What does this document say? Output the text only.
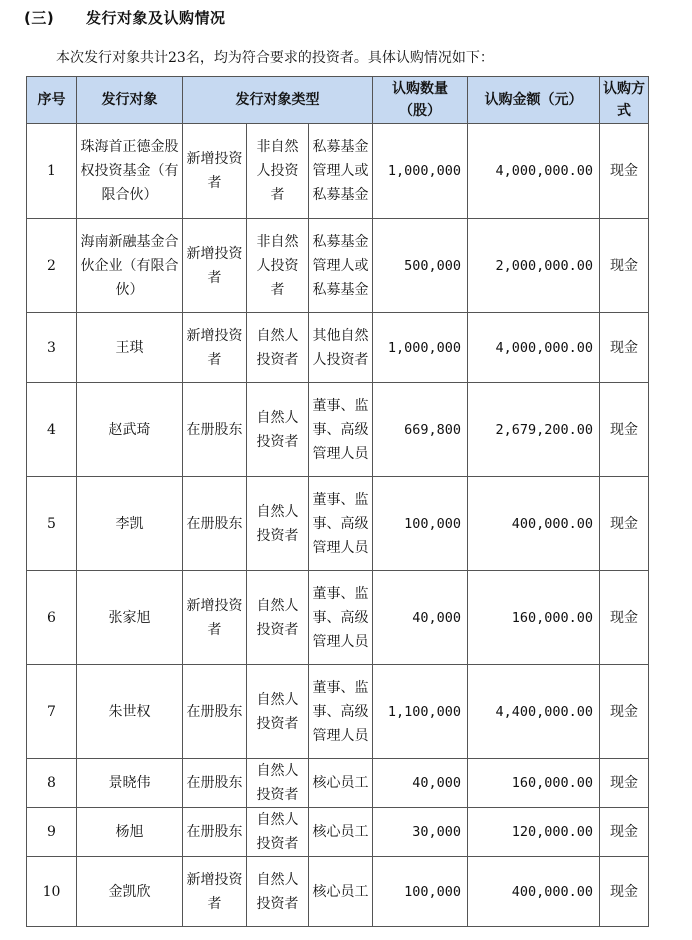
(三) 发行对象及认购情况
本次发行对象共计23名，均为符合要求的投资者。具体认购情况如下：
序号	发行对象	发行对象类型			认购数量（股）	认购金额（元）	认购方式
1	珠海首正德金股权投资基金（有限合伙）	新增投资者	非自然人投资者	私募基金管理人或私募基金	1,000,000	4,000,000.00	现金
2	海南新融基金合伙企业（有限合伙）	新增投资者	非自然人投资者	私募基金管理人或私募基金	500,000	2,000,000.00	现金
3	王琪	新增投资者	自然人投资者	其他自然人投资者	1,000,000	4,000,000.00	现金
4	赵武琦	在册股东	自然人投资者	董事、监事、高级管理人员	669,800	2,679,200.00	现金
5	李凯	在册股东	自然人投资者	董事、监事、高级管理人员	100,000	400,000.00	现金
6	张家旭	新增投资者	自然人投资者	董事、监事、高级管理人员	40,000	160,000.00	现金
7	朱世权	在册股东	自然人投资者	董事、监事、高级管理人员	1,100,000	4,400,000.00	现金
8	景晓伟	在册股东	自然人投资者	核心员工	40,000	160,000.00	现金
9	杨旭	在册股东	自然人投资者	核心员工	30,000	120,000.00	现金
10	金凯欣	新增投资者	自然人投资者	核心员工	100,000	400,000.00	现金
